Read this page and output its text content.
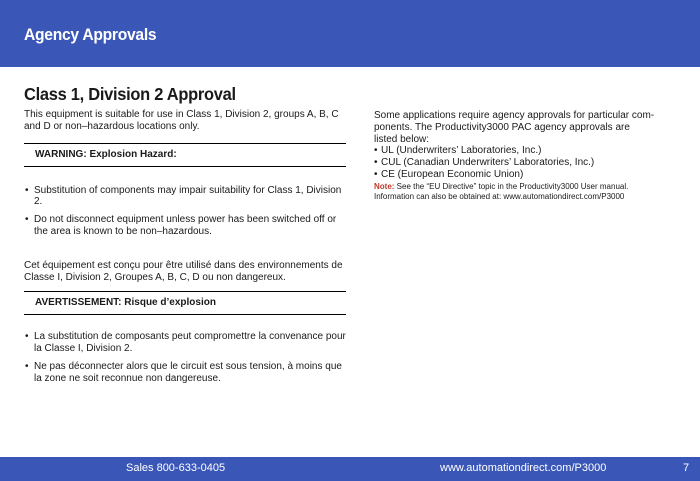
Agency Approvals
Class 1, Division 2 Approval

This equipment is suitable for use in Class 1, Division 2, groups A, B, C and D or non–hazardous locations only.

WARNING: Explosion Hazard:
• Substitution of components may impair suitability for Class 1, Division 2.
• Do not disconnect equipment unless power has been switched off or the area is known to be non–hazardous.

Cet équipement est conçu pour être utilisé dans des environnements de Classe I, Division 2, Groupes A, B, C, D ou non dangereux.

AVERTISSEMENT: Risque d’explosion
• La substitution de composants peut compromettre la convenance pour la Classe I, Division 2.
• Ne pas déconnecter alors que le circuit est sous tension, à moins que la zone ne soit reconnue non dangereuse.

Some applications require agency approvals for particular com-ponents. The Productivity3000 PAC agency approvals are listed below:

• UL (Underwriters’ Laboratories, Inc.)
• CUL (Canadian Underwriters’ Laboratories, Inc.)
• CE (European Economic Union)

Note: See the “EU Directive” topic in the Productivity3000 User manual. Information can also be obtained at: www.automationdirect.com/P3000

Sales 800-633-0405	www.automationdirect.com/P3000	7
